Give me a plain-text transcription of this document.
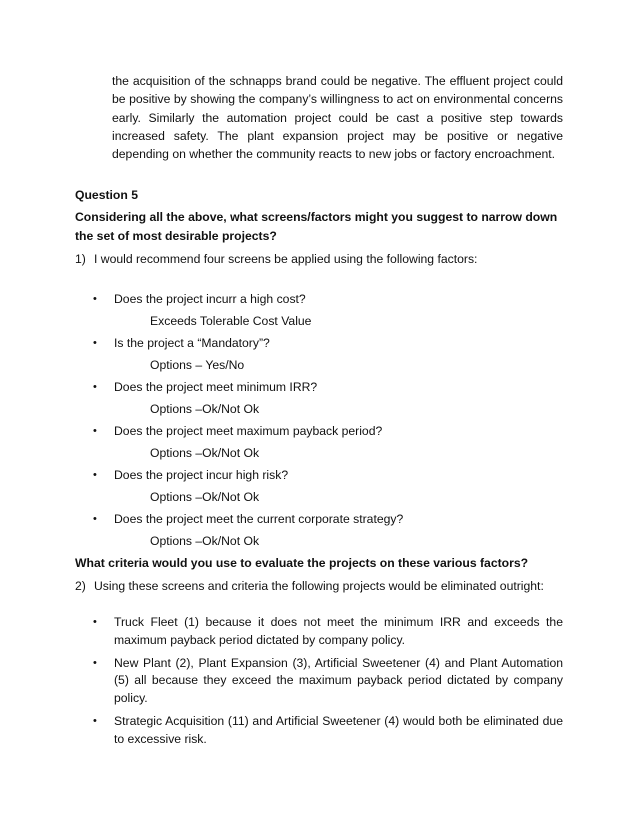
the acquisition of the schnapps brand could be negative. The effluent project could be positive by showing the company’s willingness to act on environmental concerns early. Similarly the automation project could be cast a positive step towards increased safety. The plant expansion project may be positive or negative depending on whether the community reacts to new jobs or factory encroachment.

Question 5

Considering all the above, what screens/factors might you suggest to narrow down the set of most desirable projects?

1) I would recommend four screens be applied using the following factors:

• Does the project incurr a high cost?
Exceeds Tolerable Cost Value
• Is the project a “Mandatory”?
Options – Yes/No
• Does the project meet minimum IRR?
Options –Ok/Not Ok
• Does the project meet maximum payback period?
Options –Ok/Not Ok
• Does the project incur high risk?
Options –Ok/Not Ok
• Does the project meet the current corporate strategy?
Options –Ok/Not Ok

What criteria would you use to evaluate the projects on these various factors?

2) Using these screens and criteria the following projects would be eliminated outright:

• Truck Fleet (1) because it does not meet the minimum IRR and exceeds the maximum payback period dictated by company policy.
• New Plant (2), Plant Expansion (3), Artificial Sweetener (4) and Plant Automation (5) all because they exceed the maximum payback period dictated by company policy.
• Strategic Acquisition (11) and Artificial Sweetener (4) would both be eliminated due to excessive risk.
